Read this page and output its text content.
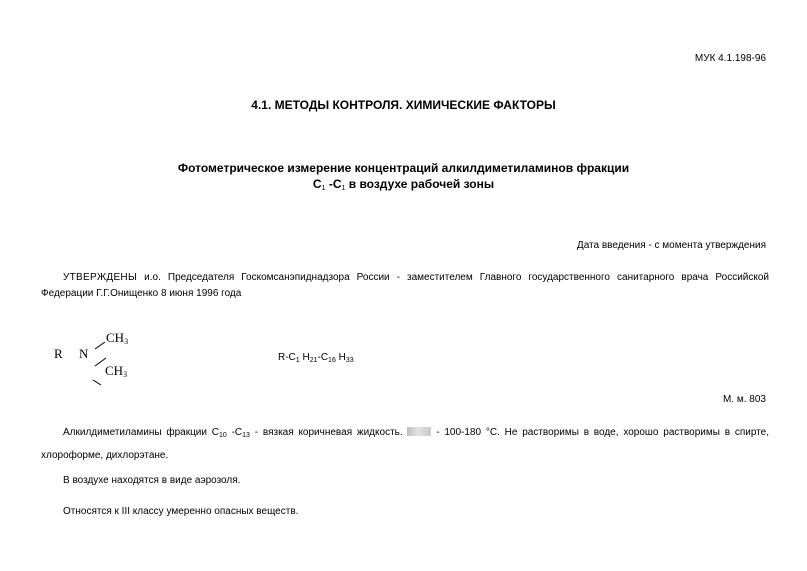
МУК 4.1.198-96
4.1. МЕТОДЫ КОНТРОЛЯ. ХИМИЧЕСКИЕ ФАКТОРЫ
Фотометрическое измерение концентраций алкилдиметиламинов фракции
$С_1$ $-С_1$ в воздухе рабочей зоны
Дата введения - с момента утверждения
УТВЕРЖДЕНЫ и.о. Председателя Госкомсанэпиднадзора России - заместителем Главного государственного санитарного врача Российской Федерации Г.Г.Онищенко 8 июня 1996 года
R N
CH3
CH3
$R-C_1$ $H_{21}-C_{16}$ $H_{33}$
М. м. 803
Алкилдиметиламины фракции $С_{10}$ $-С_{13}$ - вязкая коричневая жидкость.  - 100-180 °С. Не растворимы в воде, хорошо растворимы в спирте, хлороформе, дихлорэтане.
В воздухе находятся в виде аэрозоля.
Относятся к III классу умеренно опасных веществ.
